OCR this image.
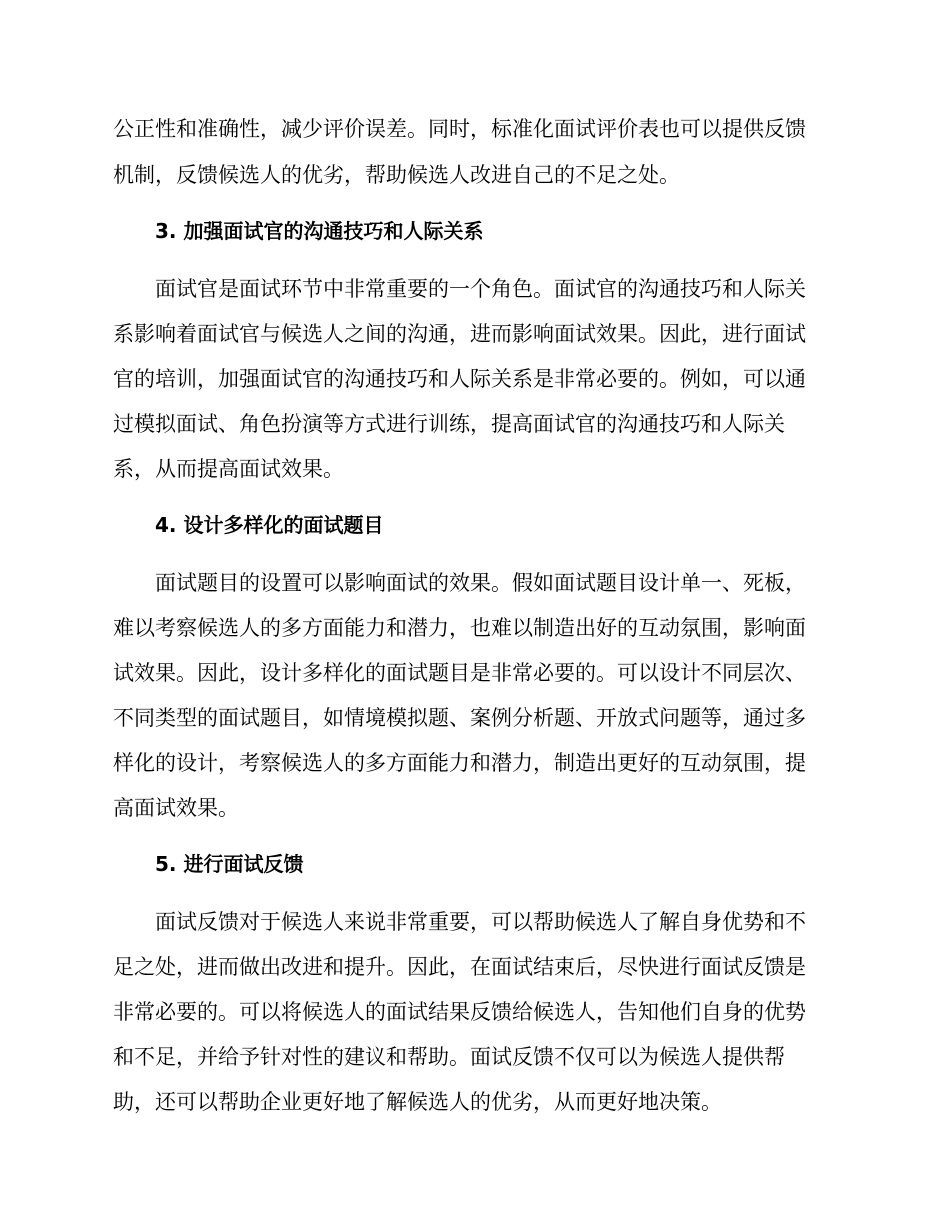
公正性和准确性，减少评价误差。同时，标准化面试评价表也可以提供反馈
机制，反馈候选人的优劣，帮助候选人改进自己的不足之处。
3. 加强面试官的沟通技巧和人际关系
面试官是面试环节中非常重要的一个角色。面试官的沟通技巧和人际关
系影响着面试官与候选人之间的沟通，进而影响面试效果。因此，进行面试
官的培训，加强面试官的沟通技巧和人际关系是非常必要的。例如，可以通
过模拟面试、角色扮演等方式进行训练，提高面试官的沟通技巧和人际关
系，从而提高面试效果。
4. 设计多样化的面试题目
面试题目的设置可以影响面试的效果。假如面试题目设计单一、死板，
难以考察候选人的多方面能力和潜力，也难以制造出好的互动氛围，影响面
试效果。因此，设计多样化的面试题目是非常必要的。可以设计不同层次、
不同类型的面试题目，如情境模拟题、案例分析题、开放式问题等，通过多
样化的设计，考察候选人的多方面能力和潜力，制造出更好的互动氛围，提
高面试效果。
5. 进行面试反馈
面试反馈对于候选人来说非常重要，可以帮助候选人了解自身优势和不
足之处，进而做出改进和提升。因此，在面试结束后，尽快进行面试反馈是
非常必要的。可以将候选人的面试结果反馈给候选人，告知他们自身的优势
和不足，并给予针对性的建议和帮助。面试反馈不仅可以为候选人提供帮
助，还可以帮助企业更好地了解候选人的优劣，从而更好地决策。
